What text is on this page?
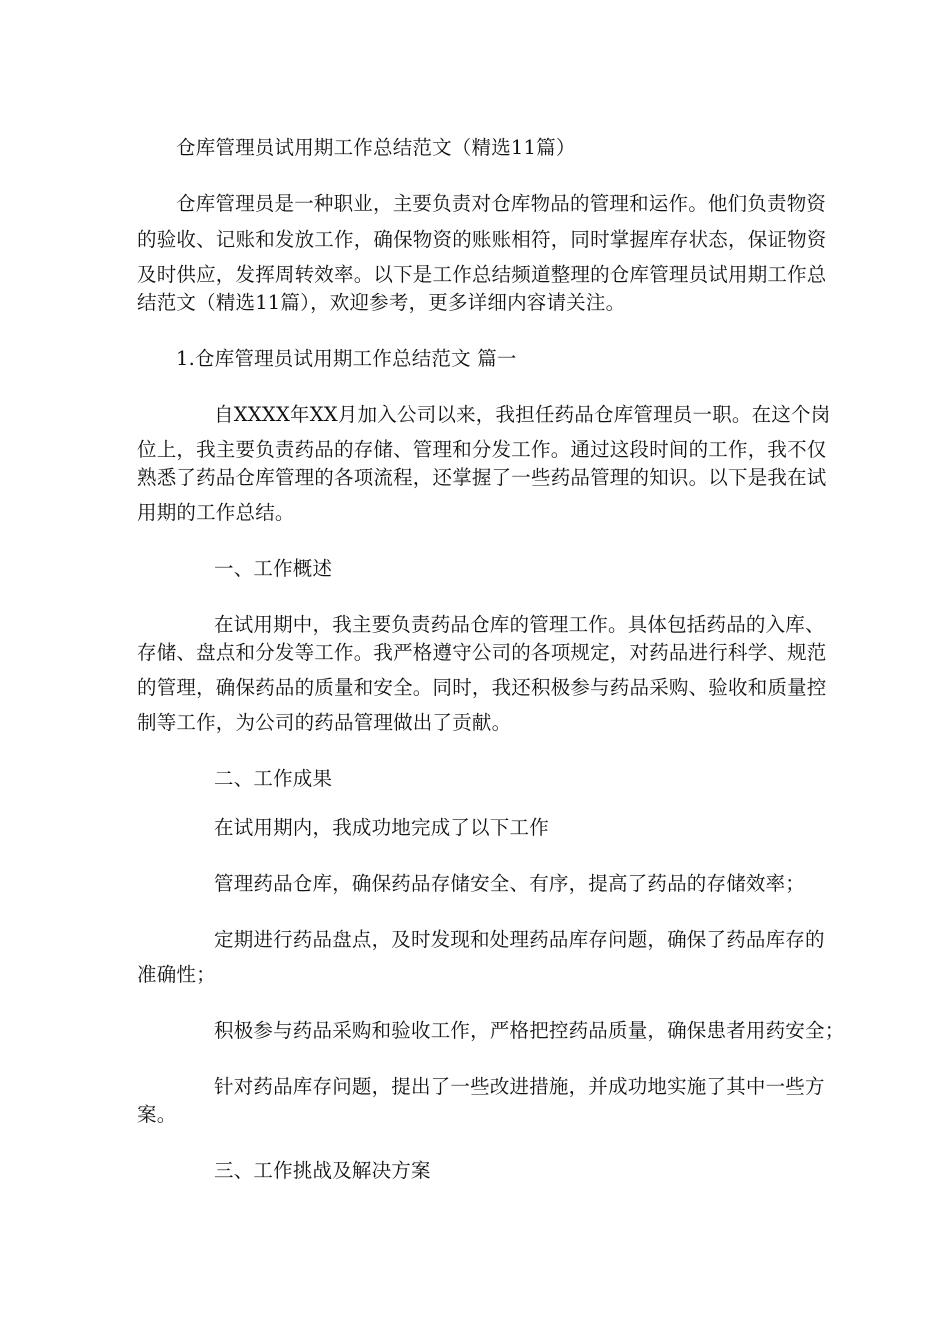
仓库管理员试用期工作总结范文（精选11篇）
仓库管理员是一种职业，主要负责对仓库物品的管理和运作。他们负责物资
的验收、记账和发放工作，确保物资的账账相符，同时掌握库存状态，保证物资
及时供应，发挥周转效率。以下是工作总结频道整理的仓库管理员试用期工作总
结范文（精选11篇），欢迎参考，更多详细内容请关注。
1.仓库管理员试用期工作总结范文 篇一
自XXXX年XX月加入公司以来，我担任药品仓库管理员一职。在这个岗
位上，我主要负责药品的存储、管理和分发工作。通过这段时间的工作，我不仅
熟悉了药品仓库管理的各项流程，还掌握了一些药品管理的知识。以下是我在试
用期的工作总结。
一、工作概述
在试用期中，我主要负责药品仓库的管理工作。具体包括药品的入库、
存储、盘点和分发等工作。我严格遵守公司的各项规定，对药品进行科学、规范
的管理，确保药品的质量和安全。同时，我还积极参与药品采购、验收和质量控
制等工作，为公司的药品管理做出了贡献。
二、工作成果
在试用期内，我成功地完成了以下工作
管理药品仓库，确保药品存储安全、有序，提高了药品的存储效率；
定期进行药品盘点，及时发现和处理药品库存问题，确保了药品库存的
准确性；
积极参与药品采购和验收工作，严格把控药品质量，确保患者用药安全；
针对药品库存问题，提出了一些改进措施，并成功地实施了其中一些方
案。
三、工作挑战及解决方案
